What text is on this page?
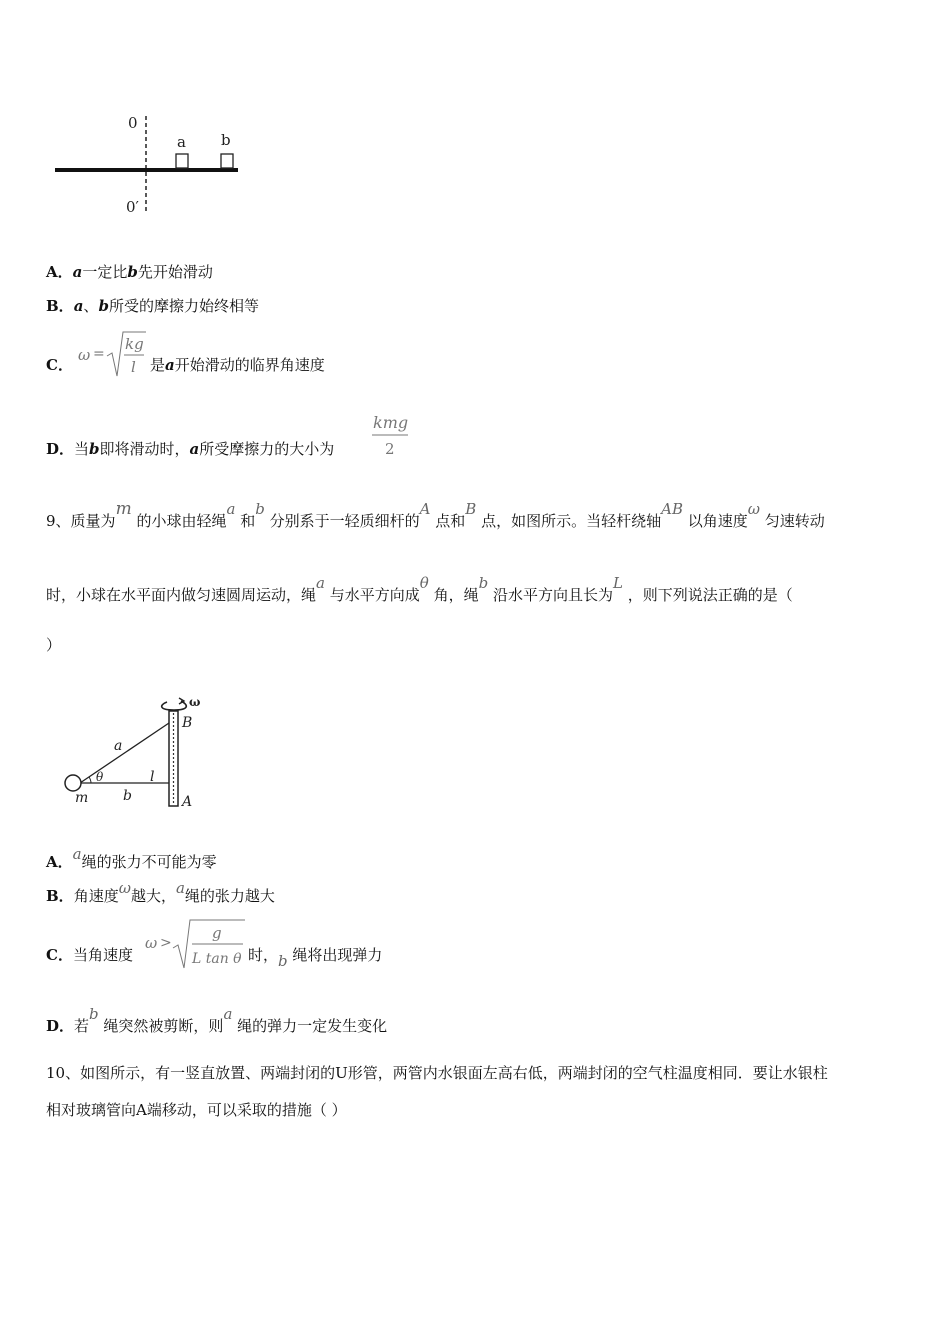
0
a b
0′
A．a一定比b先开始滑动
B．a、b所受的摩擦力始终相等
C．
ω =
kg
l 是a开始滑动的临界角速度
D．当b即将滑动时，a所受摩擦力的大小为
kmg
2
9、质量为m 的小球由轻绳a 和b 分别系于一轻质细杆的A 点和B 点，如图所示。当轻杆绕轴AB 以角速度ω 匀速转动
时，小球在水平面内做匀速圆周运动，绳a 与水平方向成θ 角，绳b 沿水平方向且长为L ，则下列说法正确的是（
）
ω
B
A
a
θ	l
b
m
A．a绳的张力不可能为零
B．角速度ω越大，a绳的张力越大
C．当角速度
ω >
g
L tan θ 时，b 绳将出现弹力
D．若b 绳突然被剪断，则a 绳的弹力一定发生变化
10、如图所示，有一竖直放置、两端封闭的U形管，两管内水银面左高右低，两端封闭的空气柱温度相同．要让水银柱
相对玻璃管向A端移动，可以采取的措施（ ）
